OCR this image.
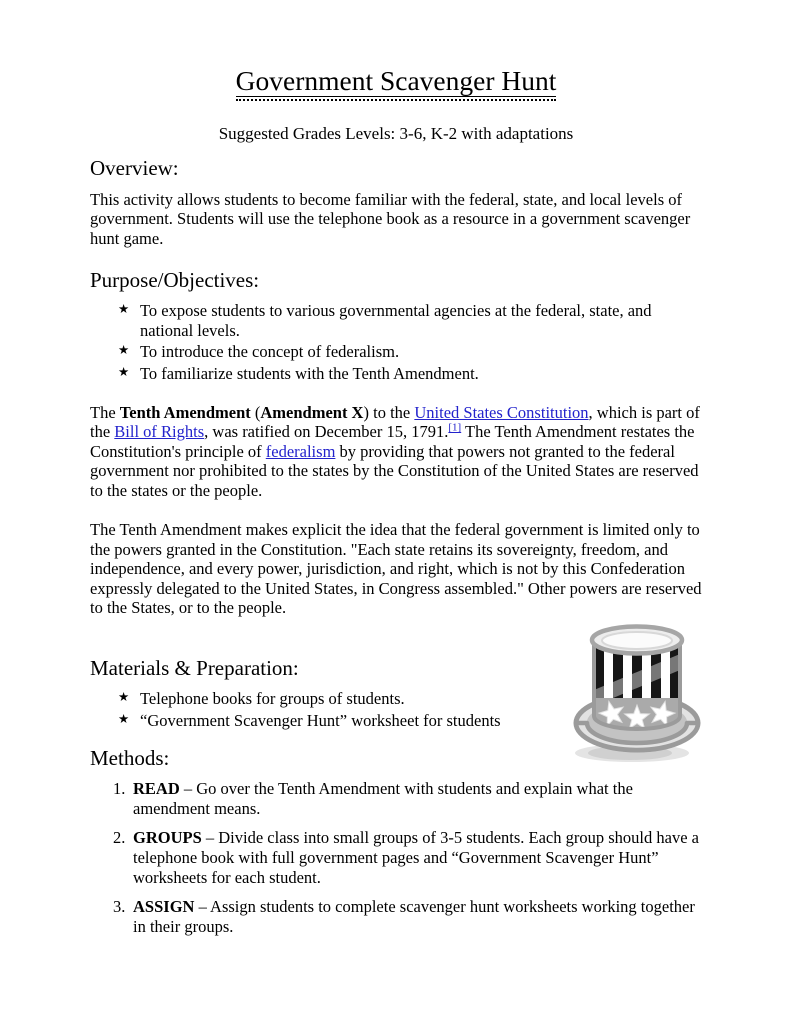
Government Scavenger Hunt

Suggested Grades Levels: 3-6, K-2 with adaptations

Overview:

This activity allows students to become familiar with the federal, state, and local levels of government. Students will use the telephone book as a resource in a government scavenger hunt game.

Purpose/Objectives:
★ To expose students to various governmental agencies at the federal, state, and national levels.
★ To introduce the concept of federalism.
★ To familiarize students with the Tenth Amendment.

The Tenth Amendment (Amendment X) to the United States Constitution, which is part of the Bill of Rights, was ratified on December 15, 1791.[1] The Tenth Amendment restates the Constitution's principle of federalism by providing that powers not granted to the federal government nor prohibited to the states by the Constitution of the United States are reserved to the states or the people.

The Tenth Amendment makes explicit the idea that the federal government is limited only to the powers granted in the Constitution. "Each state retains its sovereignty, freedom, and independence, and every power, jurisdiction, and right, which is not by this Confederation expressly delegated to the United States, in Congress assembled." Other powers are reserved to the States, or to the people.

Materials & Preparation:
★ Telephone books for groups of students.
★ “Government Scavenger Hunt” worksheet for students
Methods:
1. READ – Go over the Tenth Amendment with students and explain what the amendment means.
2. GROUPS – Divide class into small groups of 3-5 students. Each group should have a telephone book with full government pages and “Government Scavenger Hunt” worksheets for each student.
3. ASSIGN – Assign students to complete scavenger hunt worksheets working together in their groups.
